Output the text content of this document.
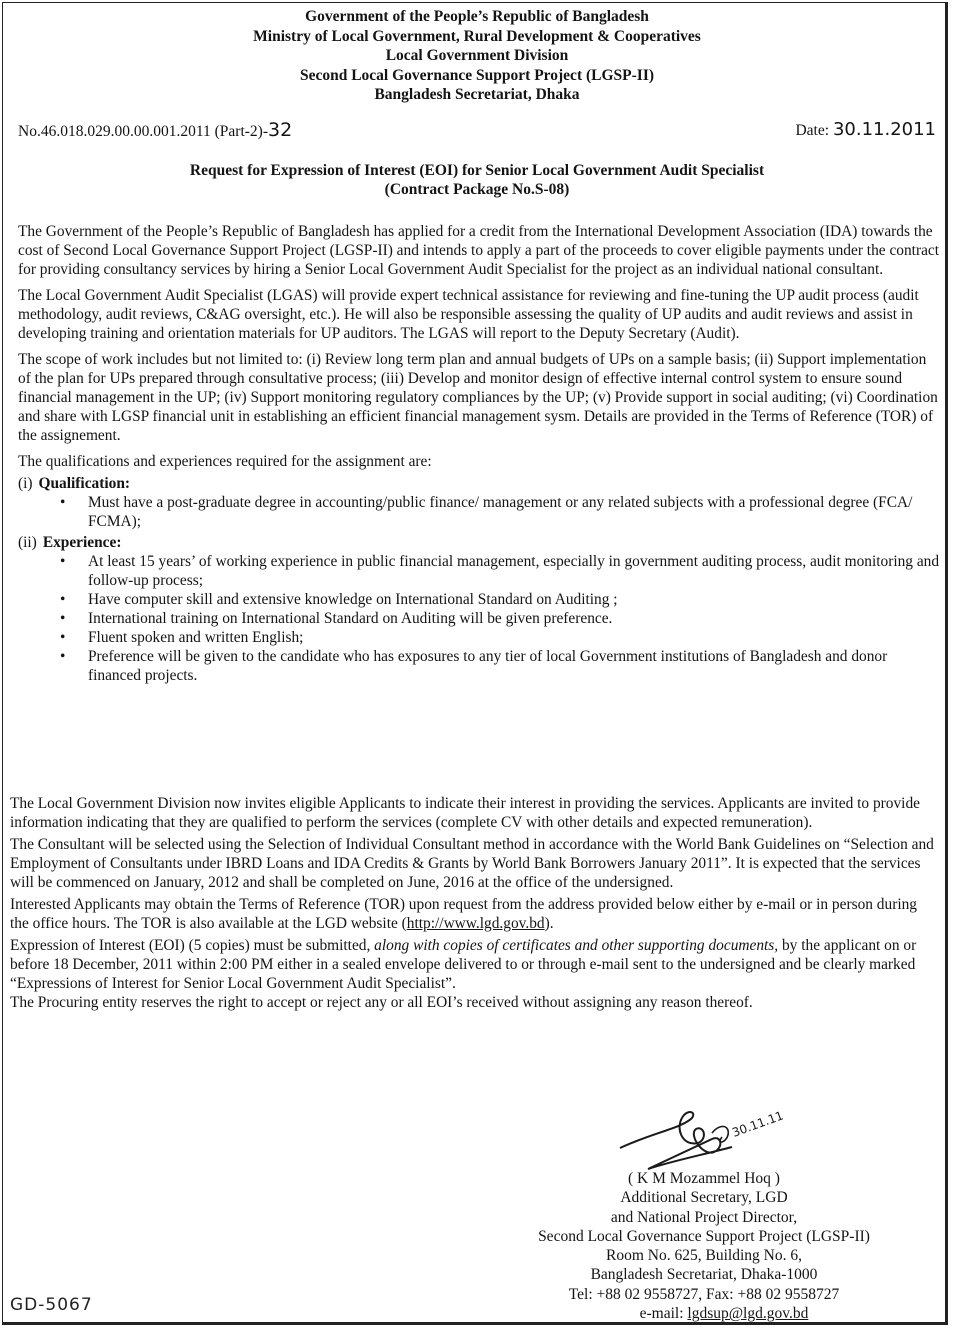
Government of the People’s Republic of Bangladesh
Ministry of Local Government, Rural Development & Cooperatives
Local Government Division
Second Local Governance Support Project (LGSP-II)
Bangladesh Secretariat, Dhaka
No.46.018.029.00.00.001.2011 (Part-2)-32	Date: 30.11.2011
Request for Expression of Interest (EOI) for Senior Local Government Audit Specialist
(Contract Package No.S-08)

The Government of the People’s Republic of Bangladesh has applied for a credit from the International Development Association (IDA) towards the cost of Second Local Governance Support Project (LGSP-II) and intends to apply a part of the proceeds to cover eligible payments under the contract for providing consultancy services by hiring a Senior Local Government Audit Specialist for the project as an individual national consultant.

The Local Government Audit Specialist (LGAS) will provide expert technical assistance for reviewing and fine-tuning the UP audit process (audit methodology, audit reviews, C&AG oversight, etc.). He will also be responsible assessing the quality of UP audits and audit reviews and assist in developing training and orientation materials for UP auditors. The LGAS will report to the Deputy Secretary (Audit).

The scope of work includes but not limited to: (i) Review long term plan and annual budgets of UPs on a sample basis; (ii) Support implementation of the plan for UPs prepared through consultative process; (iii) Develop and monitor design of effective internal control system to ensure sound financial management in the UP; (iv) Support monitoring regulatory compliances by the UP; (v) Provide support in social auditing; (vi) Coordination and share with LGSP financial unit in establishing an efficient financial management sysm. Details are provided in the Terms of Reference (TOR) of the assignement.

The qualifications and experiences required for the assignment are:

(i) Qualification:
• Must have a post-graduate degree in accounting/public finance/ management or any related subjects with a professional degree (FCA/ FCMA);
(ii) Experience:
• At least 15 years’ of working experience in public financial management, especially in government auditing process, audit monitoring and follow-up process;
• Have computer skill and extensive knowledge on International Standard on Auditing ;
• International training on International Standard on Auditing will be given preference.
• Fluent spoken and written English;
• Preference will be given to the candidate who has exposures to any tier of local Government institutions of Bangladesh and donor financed projects.

The Local Government Division now invites eligible Applicants to indicate their interest in providing the services. Applicants are invited to provide information indicating that they are qualified to perform the services (complete CV with other details and expected remuneration).

The Consultant will be selected using the Selection of Individual Consultant method in accordance with the World Bank Guidelines on “Selection and Employment of Consultants under IBRD Loans and IDA Credits & Grants by World Bank Borrowers January 2011”. It is expected that the services will be commenced on January, 2012 and shall be completed on June, 2016 at the office of the undersigned.

Interested Applicants may obtain the Terms of Reference (TOR) upon request from the address provided below either by e-mail or in person during the office hours. The TOR is also available at the LGD website (http://www.lgd.gov.bd).

Expression of Interest (EOI) (5 copies) must be submitted, along with copies of certificates and other supporting documents, by the applicant on or before 18 December, 2011 within 2:00 PM either in a sealed envelope delivered to or through e-mail sent to the undersigned and be clearly marked “Expressions of Interest for Senior Local Government Audit Specialist”.

The Procuring entity reserves the right to accept or reject any or all EOI’s received without assigning any reason thereof.

30.11.11
( K M Mozammel Hoq )
Additional Secretary, LGD
and National Project Director,
Second Local Governance Support Project (LGSP-II)
Room No. 625, Building No. 6,
Bangladesh Secretariat, Dhaka-1000
Tel: +88 02 9558727, Fax: +88 02 9558727
e-mail: lgdsup@lgd.gov.bd
GD-5067
